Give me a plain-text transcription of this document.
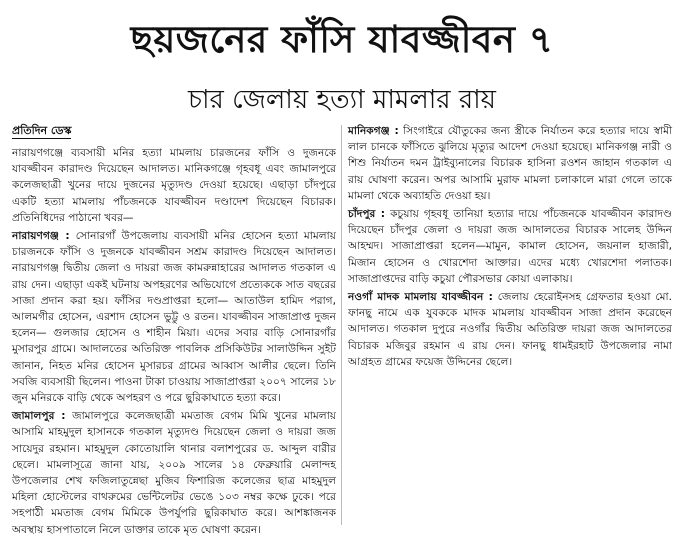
ছয়জনের ফাঁসি যাবজ্জীবন ৭
চার জেলায় হত্যা মামলার রায়
প্রতিদিন ডেস্ক
নারায়ণগঞ্জে ব্যবসায়ী মনির হত্যা মামলায় চারজনের ফাঁসি ও দুজনকে যাবজ্জীবন কারাদণ্ড দিয়েছেন আদালত। মানিকগঞ্জে গৃহবধূ এবং জামালপুরে কলেজছাত্রী খুনের দায়ে দুজনের মৃত্যুদণ্ড দেওয়া হয়েছে। এছাড়া চাঁদপুরে একটি হত্যা মামলায় পাঁচজনকে যাবজ্জীবন দণ্ডাদেশ দিয়েছেন বিচারক। প্রতিনিধিদের পাঠানো খবর—
নারায়ণগঞ্জ : সোনারগাঁ উপজেলায় ব্যবসায়ী মনির হোসেন হত্যা মামলায় চারজনকে ফাঁসি ও দুজনকে যাবজ্জীবন সশ্রম কারাদণ্ড দিয়েছেন আদালত। নারায়ণগঞ্জ দ্বিতীয় জেলা ও দায়রা জজ কামরুন্নাহারের আদালত গতকাল এ রায় দেন। এছাড়া একই ঘটনায় অপহরণের অভিযোগে প্রত্যেককে সাত বছরের সাজা প্রদান করা হয়। ফাঁসির দণ্ডপ্রাপ্তরা হলো— আতাউল হামিদ পরাগ, আলমগীর হোসেন, এরশাদ হোসেন ভুট্টু ও রতন। যাবজ্জীবন সাজাপ্রাপ্ত দুজন হলেন— গুলজার হোসেন ও শাহীন মিয়া। এদের সবার বাড়ি সোনারগাঁর মুসারপুর গ্রামে। আদালতের অতিরিক্ত পাবলিক প্রসিকিউটর সালাউদ্দিন সুইট জানান, নিহত মনির হোসেন মুসারচর গ্রামের আব্বাস আলীর ছেলে। তিনি সবজি ব্যবসায়ী ছিলেন। পাওনা টাকা চাওয়ায় সাজাপ্রাপ্তরা ২০০৭ সালের ১৮ জুন মনিরকে বাড়ি থেকে অপহরণ ও পরে ছুরিকাঘাতে হত্যা করে।
জামালপুর : জামালপুরে কলেজছাত্রী মমতাজ বেগম মিমি খুনের মামলায় আসামি মাহমুদুল হাসানকে গতকাল মৃত্যুদণ্ড দিয়েছেন জেলা ও দায়রা জজ সায়েদুর রহমান। মাহমুদুল কোতোয়ালি থানার বলাশপুরের ড. আব্দুল বারীর ছেলে। মামলাসূত্রে জানা যায়, ২০০৯ সালের ১৪ ফেব্রুয়ারি মেলান্দহ উপজেলার শেখ ফজিলাতুন্নেছা মুজিব ফিশারিজ কলেজের ছাত্র মাহমুদুল মহিলা হোস্টেলের বাথরুমের ভেন্টিলেটর ভেঙে ১০৩ নম্বর কক্ষে ঢুকে। পরে সহপাঠী মমতাজ বেগম মিমিকে উপর্যুপরি ছুরিকাঘাত করে। আশঙ্কাজনক অবস্থায় হাসপাতালে নিলে ডাক্তার তাকে মৃত ঘোষণা করেন।
মানিকগঞ্জ : সিংগাইরে যৌতুকের জন্য স্ত্রীকে নির্যাতন করে হত্যার দায়ে স্বামী লাল চানকে ফাঁসিতে ঝুলিয়ে মৃত্যুর আদেশ দেওয়া হয়েছে। মানিকগঞ্জ নারী ও শিশু নির্যাতন দমন ট্রাইব্যুনালের বিচারক হাসিনা রওশন জাহান গতকাল এ রায় ঘোষণা করেন। অপর আসামি মুরাফ মামলা চলাকালে মারা গেলে তাকে মামলা থেকে অব্যাহতি দেওয়া হয়।
চাঁদপুর : কচুয়ায় গৃহবধূ তানিয়া হত্যার দায়ে পাঁচজনকে যাবজ্জীবন কারাদণ্ড দিয়েছেন চাঁদপুর জেলা ও দায়রা জজ আদালতের বিচারক সালেহ উদ্দিন আহম্মদ। সাজাপ্রাপ্তরা হলেন—মামুন, কামাল হোসেন, জয়নাল হাজারী, মিজান হোসেন ও খোরশেদা আক্তার। এদের মধ্যে খোরশেদা পলাতক। সাজাপ্রাপ্তদের বাড়ি কচুয়া পৌরসভার কোয়া এলাকায়।
নওগাঁ মাদক মামলায় যাবজ্জীবন : জেলায় হেরোইনসহ গ্রেফতার হওয়া মো. ফানছু নামে এক যুবককে মাদক মামলায় যাবজ্জীবন সাজা প্রদান করেছেন আদালত। গতকাল দুপুরে নওগাঁর দ্বিতীয় অতিরিক্ত দায়রা জজ আদালতের বিচারক মজিবুর রহমান এ রায় দেন। ফানছু ধামইরহাট উপজেলার নামা আগ্রহত গ্রামের ফয়েজ উদ্দিনের ছেলে।
